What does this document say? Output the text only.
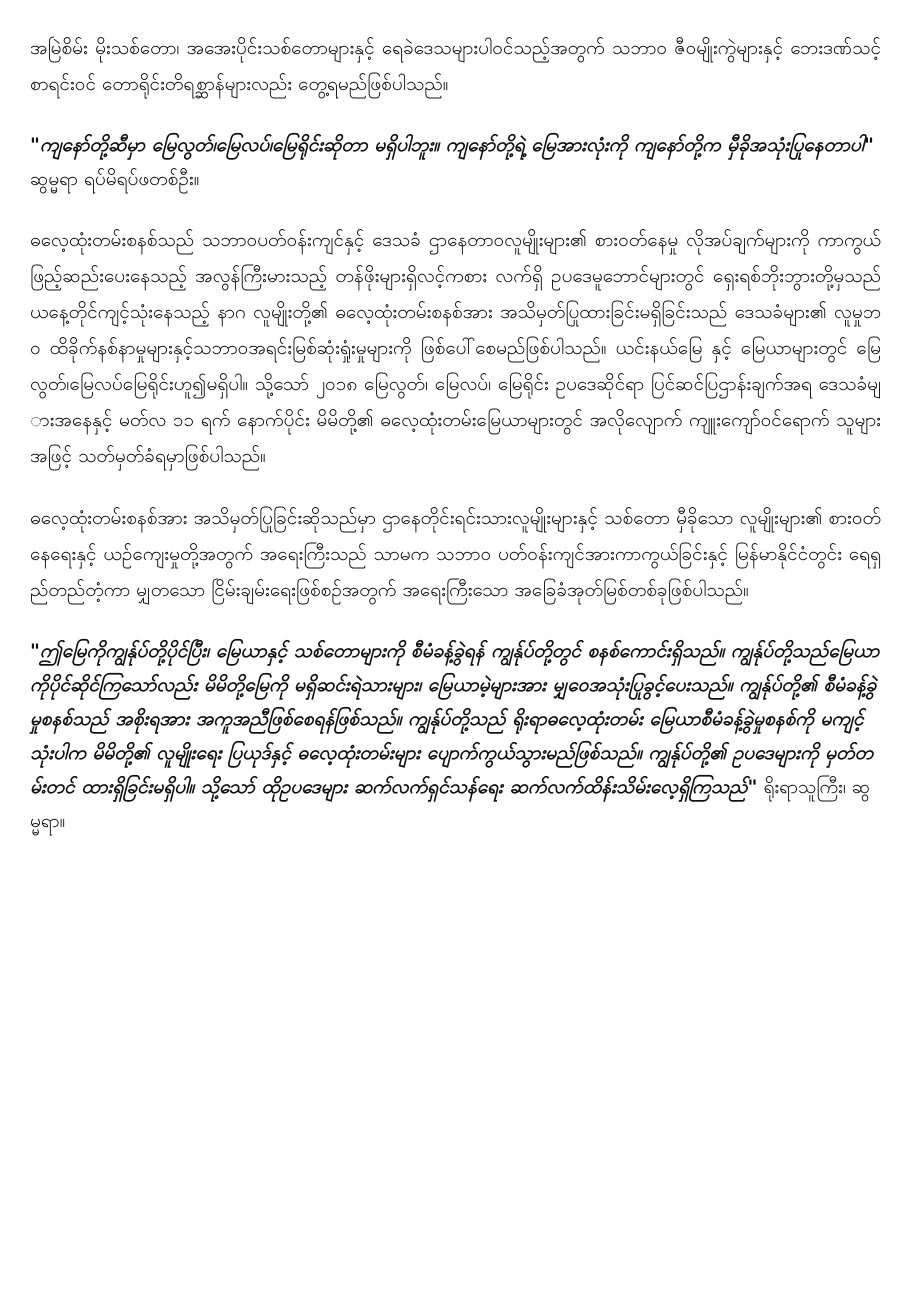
အမြဲစိမ်း မိုးသစ်တော၊ အအေးပိုင်းသစ်တောများနှင့် ရေခဲဒေသများပါဝင်သည့်အတွက် သဘာဝ ဇီဝမျိုးကွဲများနှင့် ဘေးဒဏ်သင့်စာရင်းဝင် တောရိုင်းတိရစ္ဆာန်များလည်း တွေ့ရမည်ဖြစ်ပါသည်။

"ကျနော်တို့ဆီမှာ မြေလွတ်၊မြေလပ်၊မြေရိုင်းဆိုတာ မရှိပါဘူး။ ကျနော်တို့ရဲ့ မြေအားလုံးကို ကျနော်တို့က မှီခိုအသုံးပြုနေတာပါ" ဆွမ္မရာ ရပ်မိရပ်ဖတစ်ဦး။

ဓလေ့ထုံးတမ်းစနစ်သည် သဘာဝပတ်ဝန်းကျင်နှင့် ဒေသခံ ဌာနေတာဝလူမျိုးများ၏ စားဝတ်နေမှု လိုအပ်ချက်များကို ကာကွယ် ဖြည့်ဆည်းပေးနေသည့် အလွန်ကြီးမားသည့် တန်ဖိုးများရှိလင့်ကစား လက်ရှိ ဥပဒေမူဘောင်များတွင် ရှေးရစ်ဘိုးဘွားတို့မှသည် ယနေ့တိုင်ကျင့်သုံးနေသည့် နာဂ လူမျိုးတို့၏ ဓလေ့ထုံးတမ်းစနစ်အား အသိမှတ်ပြုထားခြင်းမရှိခြင်းသည် ဒေသခံများ၏ လူမှုဘဝ ထိခိုက်နစ်နာမှုများနှင့်သဘာဝအရင်းမြစ်ဆုံးရှုံးမှုများကို ဖြစ်ပေါ်စေမည်ဖြစ်ပါသည်။ ယင်းနယ်မြေ နှင့် မြေယာများတွင် မြေလွတ်၊မြေလပ်မြေရိုင်းဟူ၍မရှိပါ။ သို့သော် ၂၀၁၈ မြေလွတ်၊ မြေလပ်၊ မြေရိုင်း ဥပဒေဆိုင်ရာ ပြင်ဆင်ပြဌာန်းချက်အရ ဒေသခံများအနေနှင့် မတ်လ ၁၁ ရက် နောက်ပိုင်း မိမိတို့၏ ဓလေ့ထုံးတမ်းမြေယာများတွင် အလိုလျောက် ကျူးကျော်ဝင်ရောက် သူများအဖြင့် သတ်မှတ်ခံရမှာဖြစ်ပါသည်။

ဓလေ့ထုံးတမ်းစနစ်အား အသိမှတ်ပြုခြင်းဆိုသည်မှာ ဌာနေတိုင်းရင်းသားလူမျိုးများနှင့် သစ်တော မှီခိုသော လူမျိုးများ၏ စားဝတ်နေရေးနှင့် ယဉ်ကျေးမှုတို့အတွက် အရေးကြီးသည် သာမက သဘာဝ ပတ်ဝန်းကျင်အားကာကွယ်ခြင်းနှင့် မြန်မာနိုင်ငံတွင်း ရေရှည်တည်တံ့ကာ မျှတသော ငြိမ်းချမ်းရေးဖြစ်စဉ်အတွက် အရေးကြီးသော အခြေခံအုတ်မြစ်တစ်ခုဖြစ်ပါသည်။

"ဤမြေကိုကျွန်ုပ်တို့ပိုင်ပြီး၊ မြေယာနှင့် သစ်တောများကို စီမံခန့်ခွဲရန် ကျွန်ုပ်တို့တွင် စနစ်ကောင်းရှိသည်။ ကျွန်ုပ်တို့သည်မြေယာကိုပိုင်ဆိုင်ကြသော်လည်း မိမိတို့မြေကို မရှိဆင်းရဲသားများ၊ မြေယာမဲ့များအား မျှဝေအသုံးပြုခွင့်ပေးသည်။ ကျွန်ုပ်တို့၏ စီမံခန့်ခွဲမှုစနစ်သည် အစိုးရအား အကူအညီဖြစ်စေရန်ဖြစ်သည်။ ကျွန်ုပ်တို့သည် ရိုးရာဓလေ့ထုံးတမ်း မြေယာစီမံခန့်ခွဲမှုစနစ်ကို မကျင့်သုံးပါက မိမိတို့၏ လူမျိုးရေး ပြယုဒ်နှင့် ဓလေ့ထုံးတမ်းများ ပျောက်ကွယ်သွားမည်ဖြစ်သည်။ ကျွန်ုပ်တို့၏ ဥပဒေများကို မှတ်တမ်းတင် ထားရှိခြင်းမရှိပါ။ သို့သော် ထိုဥပဒေများ ဆက်လက်ရှင်သန်ရေး ဆက်လက်ထိန်းသိမ်းလေ့ရှိကြသည်" ရိုးရာသူကြီး၊ ဆွမ္မရာ။
